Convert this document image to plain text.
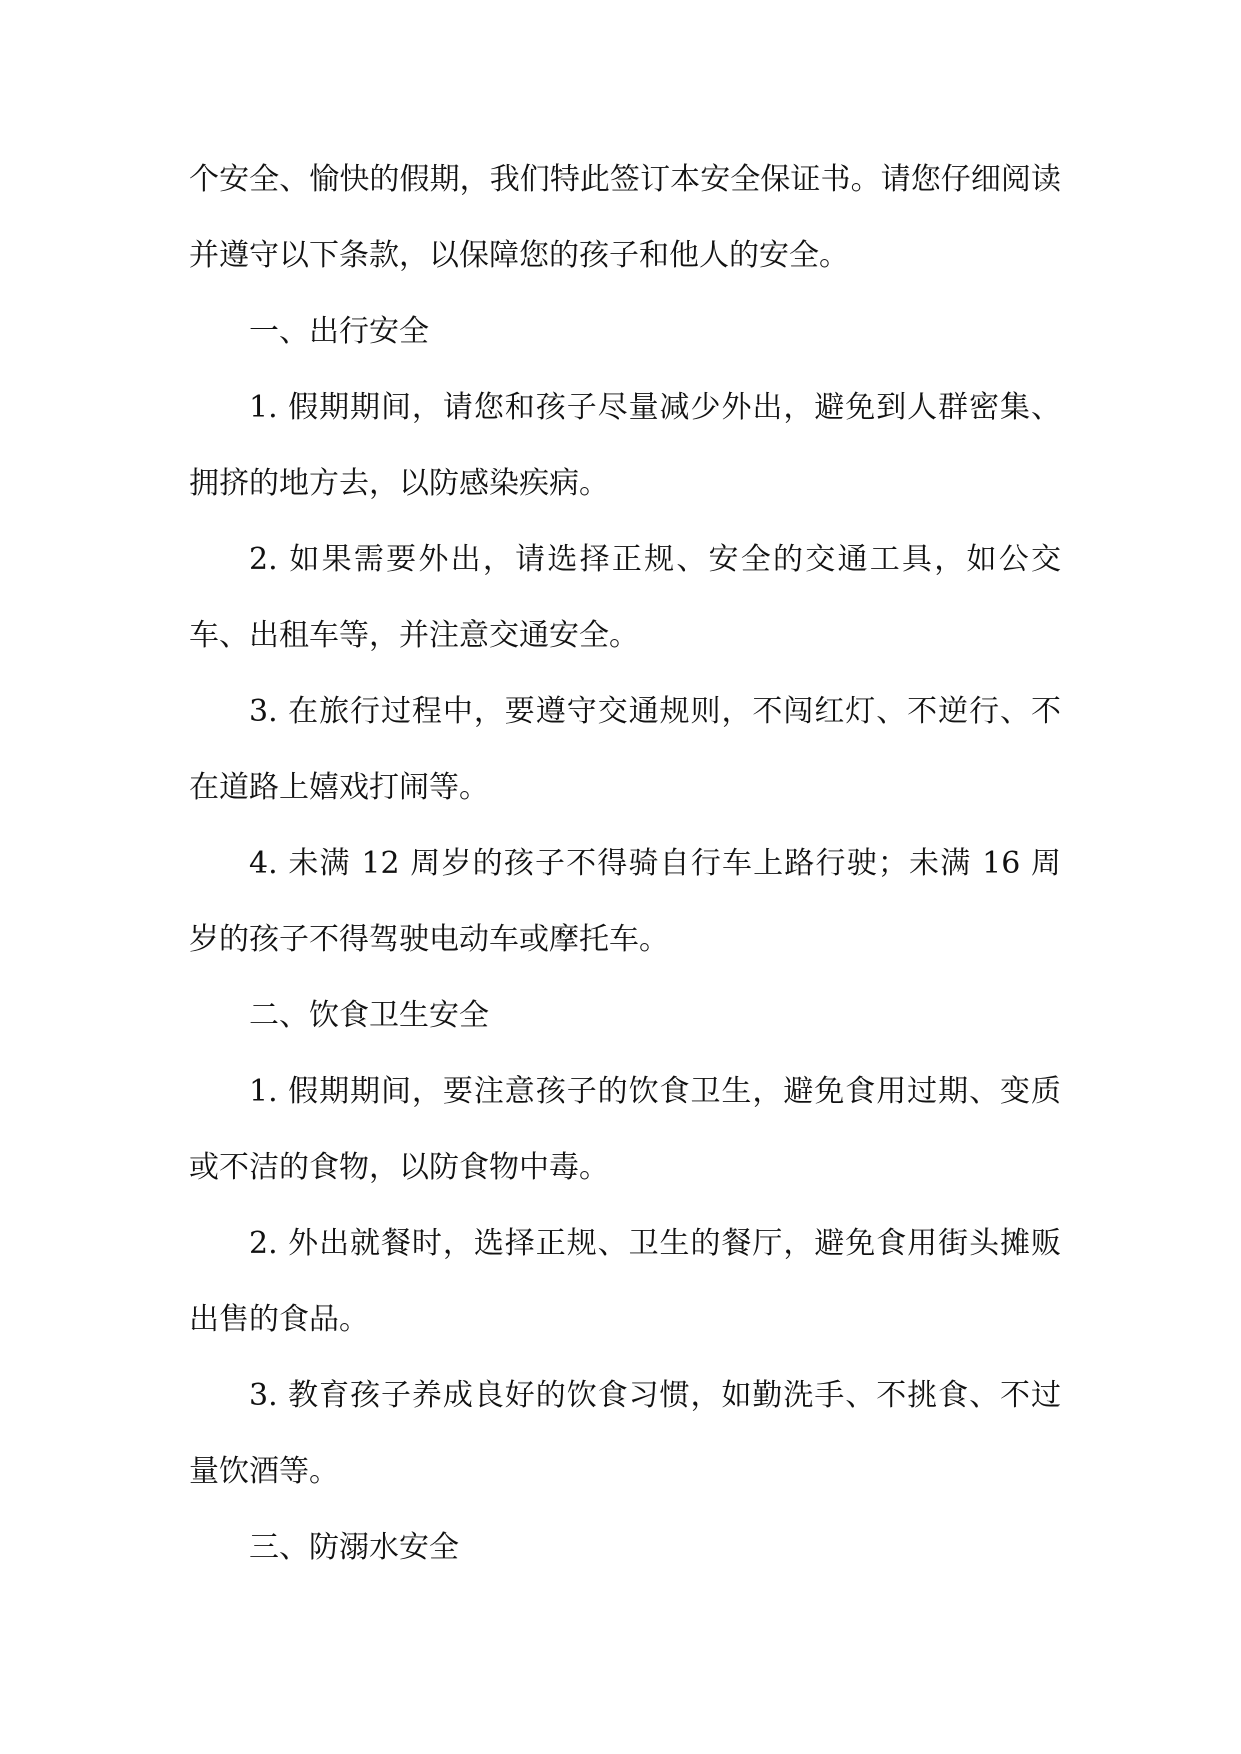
个安全、愉快的假期，我们特此签订本安全保证书。请您仔细阅读并遵守以下条款，以保障您的孩子和他人的安全。

一、出行安全

1. 假期期间，请您和孩子尽量减少外出，避免到人群密集、拥挤的地方去，以防感染疾病。

2. 如果需要外出，请选择正规、安全的交通工具，如公交车、出租车等，并注意交通安全。

3. 在旅行过程中，要遵守交通规则，不闯红灯、不逆行、不在道路上嬉戏打闹等。

4. 未满 12 周岁的孩子不得骑自行车上路行驶；未满 16 周岁的孩子不得驾驶电动车或摩托车。

二、饮食卫生安全

1. 假期期间，要注意孩子的饮食卫生，避免食用过期、变质或不洁的食物，以防食物中毒。

2. 外出就餐时，选择正规、卫生的餐厅，避免食用街头摊贩出售的食品。

3. 教育孩子养成良好的饮食习惯，如勤洗手、不挑食、不过量饮酒等。

三、防溺水安全
